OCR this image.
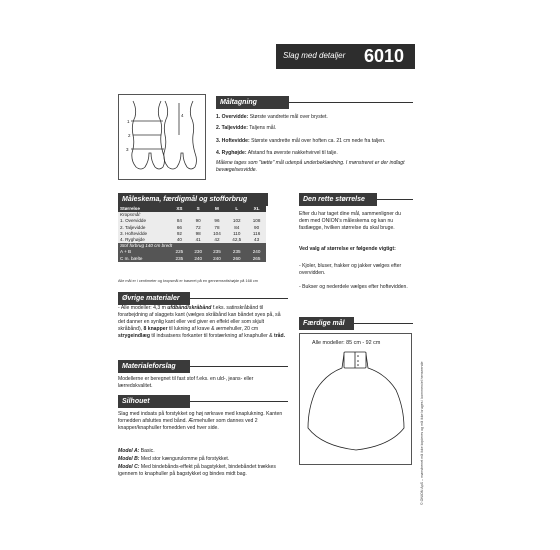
Slag med detaljer 6010
1
2
3
4
Måltagning
1. Overvidde: Største vandrette mål over brystet.
2. Taljevidde: Taljens mål.
3. Hoftevidde: Største vandrette mål over hoften ca. 21 cm nede fra taljen.
4. Ryghøjde: Afstand fra øverste nakkehvirvel til talje.
Målene tages som "tætte" mål udenpå underbeklædning. I mønstreret er der indlagt bevægelsesvidde.
Måleskema, færdigmål og stofforbrug
Størrelse	XS	S	M	L	XL
Kropsmål:					
1. Overvidde	84	90	96	102	108
2. Taljevidde	66	72	78	84	90
3. Hoftevidde	92	98	104	110	116
4. Ryghøjde	40	41	42	42,5	43
Stof forbrug 140 cm bredt					
A + B	225	230	235	235	240
C m. bælte	235	240	240	260	265
Alle mål er i centimeter og kropsmål er baseret på en gennemsnitshøjde på 168 cm
Den rette størrelse
Efter du har taget dine mål, sammenligner du dem med ONION's måleskema og kan nu fastlægge, hvilken størrelse du skal bruge.
Ved valg af størrelse er følgende vigtigt:
- Kjoler, bluser, frakker og jakker vælges efter overvidden.
- Bukser og nederdele vælges efter hoftevidden.
Øvrige materialer
- Alle modeller: 4,3 m ufdbånd/skråbånd f.eks. satinskråbånd til forarbejdning af slaggets kant (vælges skråbånd kan båndet syes på, så det danner en synlig kant eller ved giver en effekt eller som skjult skråbånd), 8 knapper til lukning af krave & ærmehuller, 20 cm strygeindlæg til indsatsens forkanter til forstærkning af knaphuller & tråd.
Materialeforslag
Modellerne er beregnet til fast stof f.eks. en uld-, jeans- eller lærredskvalitet.
Silhouet
Slag med indsats på forstykket og høj rørkrave med knaplukning. Kanten fornedden afsluttes med bånd. Ærmehuller som dannes ved 2 knapper/knaphuller fornedden ved hver side.
Model A: Basic.
Model B: Med stor kængurulomme på forstykket.
Model C: Med bindebånds-effekt på bagstykket, bindebåndet trækkes igennem to knaphuller på bagstykket og bindes midt bag.
Færdige mål
Alle modeller: 85 cm - 92 cm
© ONION ApS – mønstrenet må ikke kopieres og må ikke bruges i kommerciel henseende
